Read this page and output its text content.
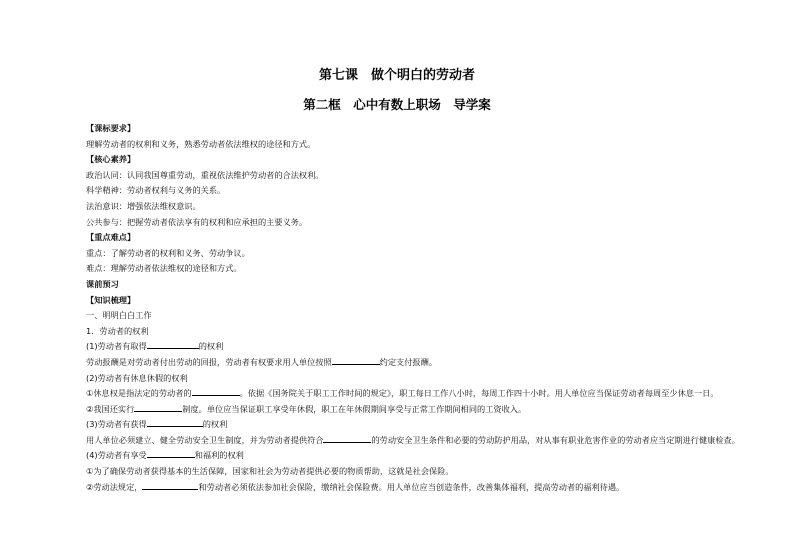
第七课　做个明白的劳动者
第二框　心中有数上职场　导学案
【课标要求】
理解劳动者的权利和义务，熟悉劳动者依法维权的途径和方式。
【核心素养】
政治认同：认同我国尊重劳动，重视依法维护劳动者的合法权利。
科学精神：劳动者权利与义务的关系。
法治意识：增强依法维权意识。
公共参与：把握劳动者依法享有的权利和应承担的主要义务。
【重点难点】
重点：了解劳动者的权利和义务、劳动争议。
难点：理解劳动者依法维权的途径和方式。
课前预习
【知识梳理】
一、明明白白工作
1．劳动者的权利
(1)劳动者有取得	的权利
劳动报酬是对劳动者付出劳动的回报，劳动者有权要求用人单位按照	约定支付报酬。
(2)劳动者有休息休假的权利
①休息权是指法定的劳动者的	。依据《国务院关于职工工作时间的规定》，职工每日工作八小时，每周工作四十小时。用人单位应当保证劳动者每周至少休息一日。
②我国还实行	制度。单位应当保证职工享受年休假，职工在年休假期间享受与正常工作期间相同的工资收入。
(3)劳动者有获得	的权利
用人单位必须建立、健全劳动安全卫生制度，并为劳动者提供符合	的劳动安全卫生条件和必要的劳动防护用品，对从事有职业危害作业的劳动者应当定期进行健康检查。
(4)劳动者有享受	和福利的权利
①为了确保劳动者获得基本的生活保障，国家和社会为劳动者提供必要的物质帮助，这就是社会保险。
②劳动法规定，	和劳动者必须依法参加社会保险，缴纳社会保险费。用人单位应当创造条件，改善集体福利，提高劳动者的福利待遇。
